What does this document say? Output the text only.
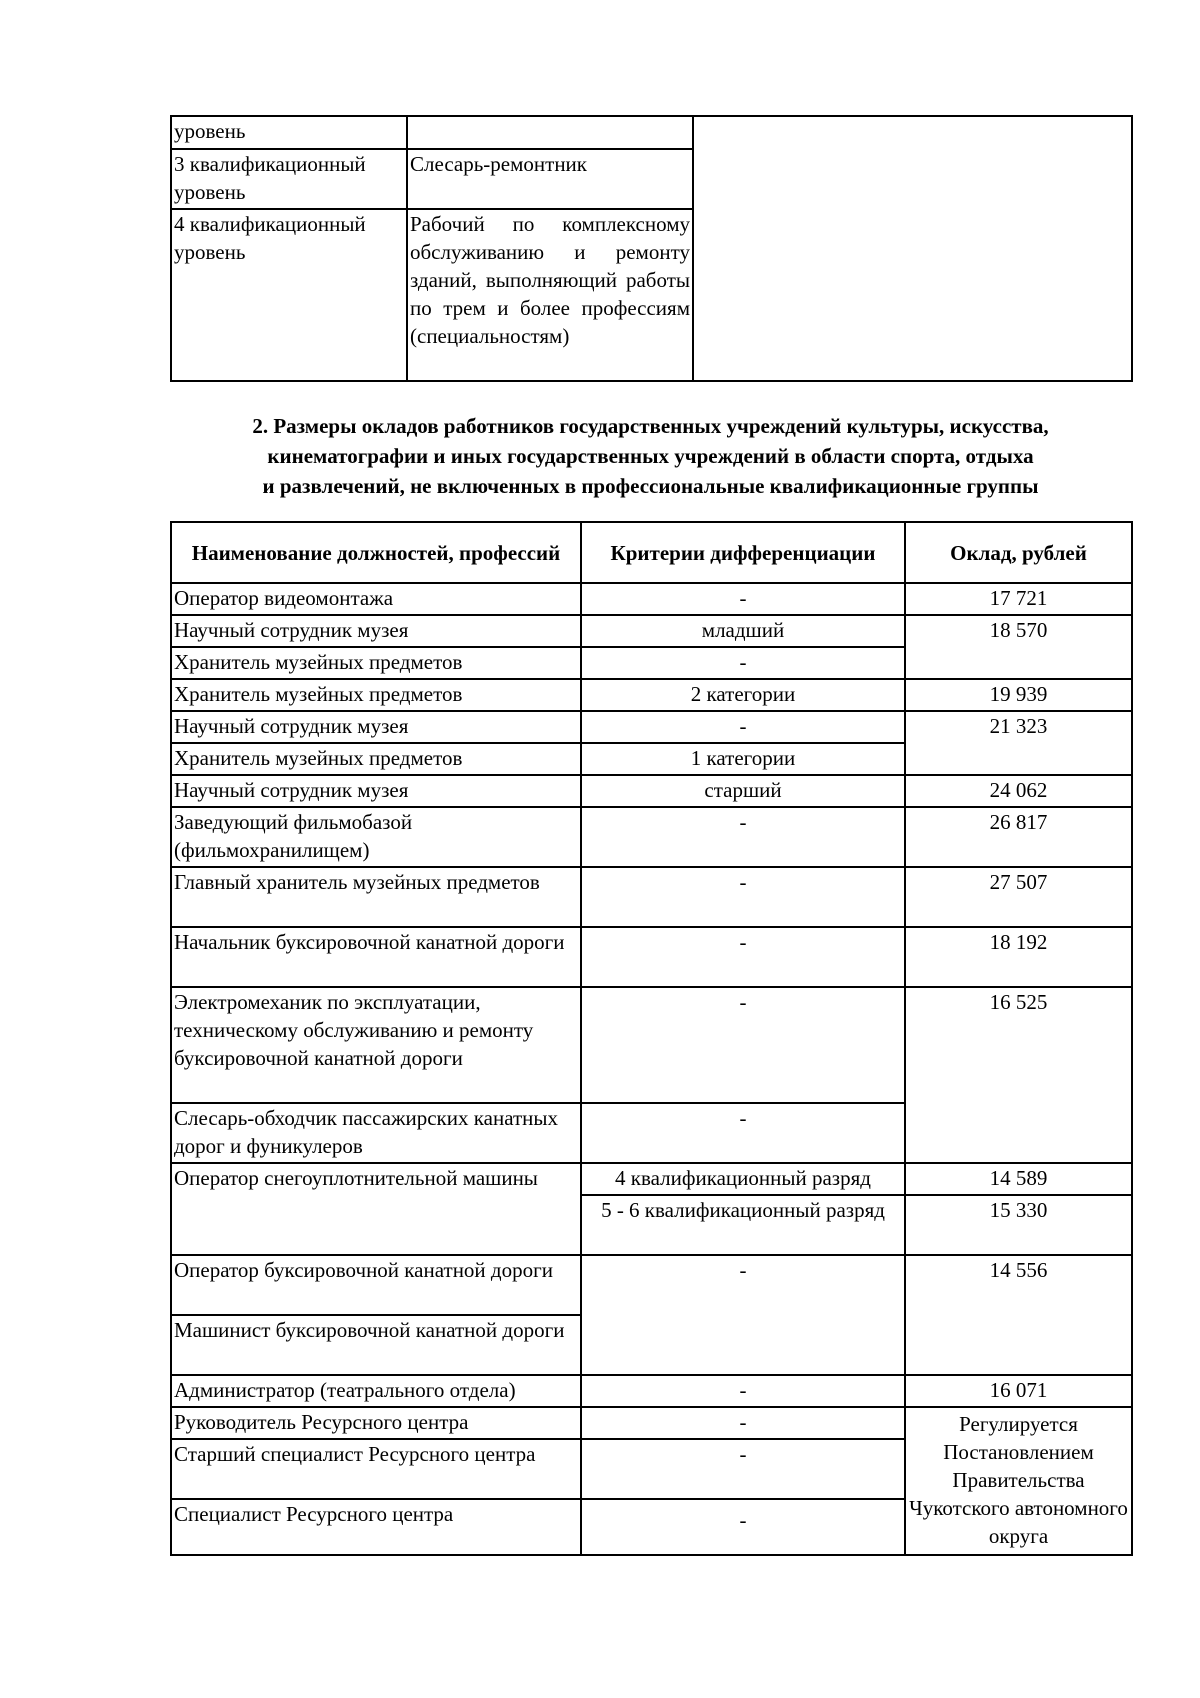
уровень		
3 квалификационный уровень	Слесарь-ремонтник	
4 квалификационный уровень	Рабочий по комплексному обслуживанию и ремонту зданий, выполняющий работы по трем и более профессиям (специальностям)	
2. Размеры окладов работников государственных учреждений культуры, искусства,
кинематографии и иных государственных учреждений в области спорта, отдыха
и развлечений, не включенных в профессиональные квалификационные группы
Наименование должностей, профессий	Критерии дифференциации	Оклад, рублей
Оператор видеомонтажа	-	17 721
Научный сотрудник музея	младший	18 570
Хранитель музейных предметов	-	
Хранитель музейных предметов	2 категории	19 939
Научный сотрудник музея	-	21 323
Хранитель музейных предметов	1 категории	
Научный сотрудник музея	старший	24 062
Заведующий фильмобазой (фильмохранилищем)	-	26 817
Главный хранитель музейных предметов	-	27 507
Начальник буксировочной канатной дороги	-	18 192
Электромеханик по эксплуатации, техническому обслуживанию и ремонту буксировочной канатной дороги	-	16 525
Слесарь-обходчик пассажирских канатных дорог и фуникулеров	-	
Оператор снегоуплотнительной машины	4 квалификационный разряд	14 589
	5 - 6 квалификационный разряд	15 330
Оператор буксировочной канатной дороги	-	14 556
Машинист буксировочной канатной дороги		
Администратор (театрального отдела)	-	16 071
Руководитель Ресурсного центра	-	Регулируется Постановлением Правительства Чукотского автономного округа
Старший специалист Ресурсного центра	-	
Специалист Ресурсного центра	-	
